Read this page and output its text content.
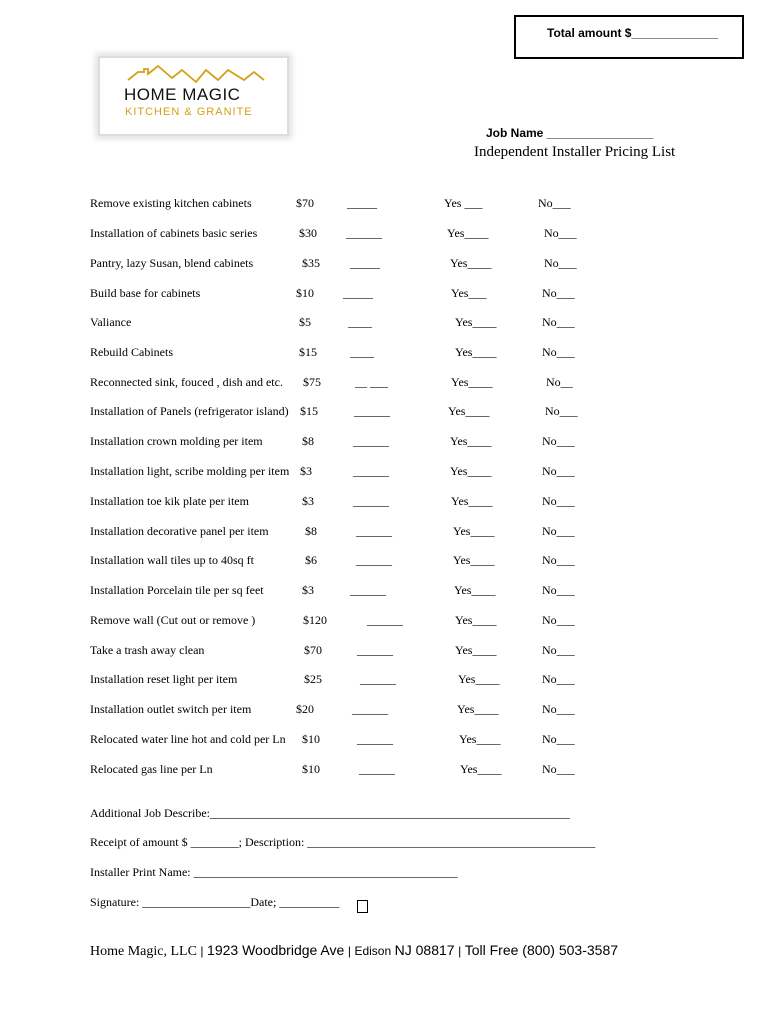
Total amount $_____________
HOME MAGIC
KITCHEN & GRANITE
Job Name ________________
Independent Installer Pricing List
Remove existing kitchen cabinets	$70	_____	Yes ___	No___
Installation of cabinets basic series	$30 ______	Yes____	No___
Pantry, lazy Susan, blend cabinets	$35	_____	Yes____	No___
Build base for cabinets	$10 _____	Yes___	No___
Valiance	$5	____	Yes____	No___
Rebuild Cabinets	$15	____	Yes____	No___
Reconnected sink, fouced , dish and etc. $75	__ ___	Yes____	No__
Installation of Panels (refrigerator island) $15	______	Yes____	No___
Installation crown molding per item	$8	______	Yes____	No___
Installation light, scribe molding per item $3	______	Yes____	No___
Installation toe kik plate per item	$3	______	Yes____	No___
Installation decorative panel per item	$8	______	Yes____	No___
Installation wall tiles up to 40sq ft	$6	______	Yes____	No___
Installation Porcelain tile per sq feet	$3	______	Yes____	No___
Remove wall (Cut out or remove )	$120	______	Yes____	No___
Take a trash away clean	$70	______	Yes____	No___
Installation reset light per item	$25	______	Yes____	No___
Installation outlet switch per item	$20	______	Yes____	No___
Relocated water line hot and cold per Ln $10	______	Yes____	No___
Relocated gas line per Ln	$10	______	Yes____	No___
Additional Job Describe:____________________________________________________________
Receipt of amount $ ________; Description: ________________________________________________
Installer Print Name: ____________________________________________
Signature: __________________Date; __________
Home Magic, LLC | 1923 Woodbridge Ave | Edison NJ 08817 | Toll Free (800) 503-3587
